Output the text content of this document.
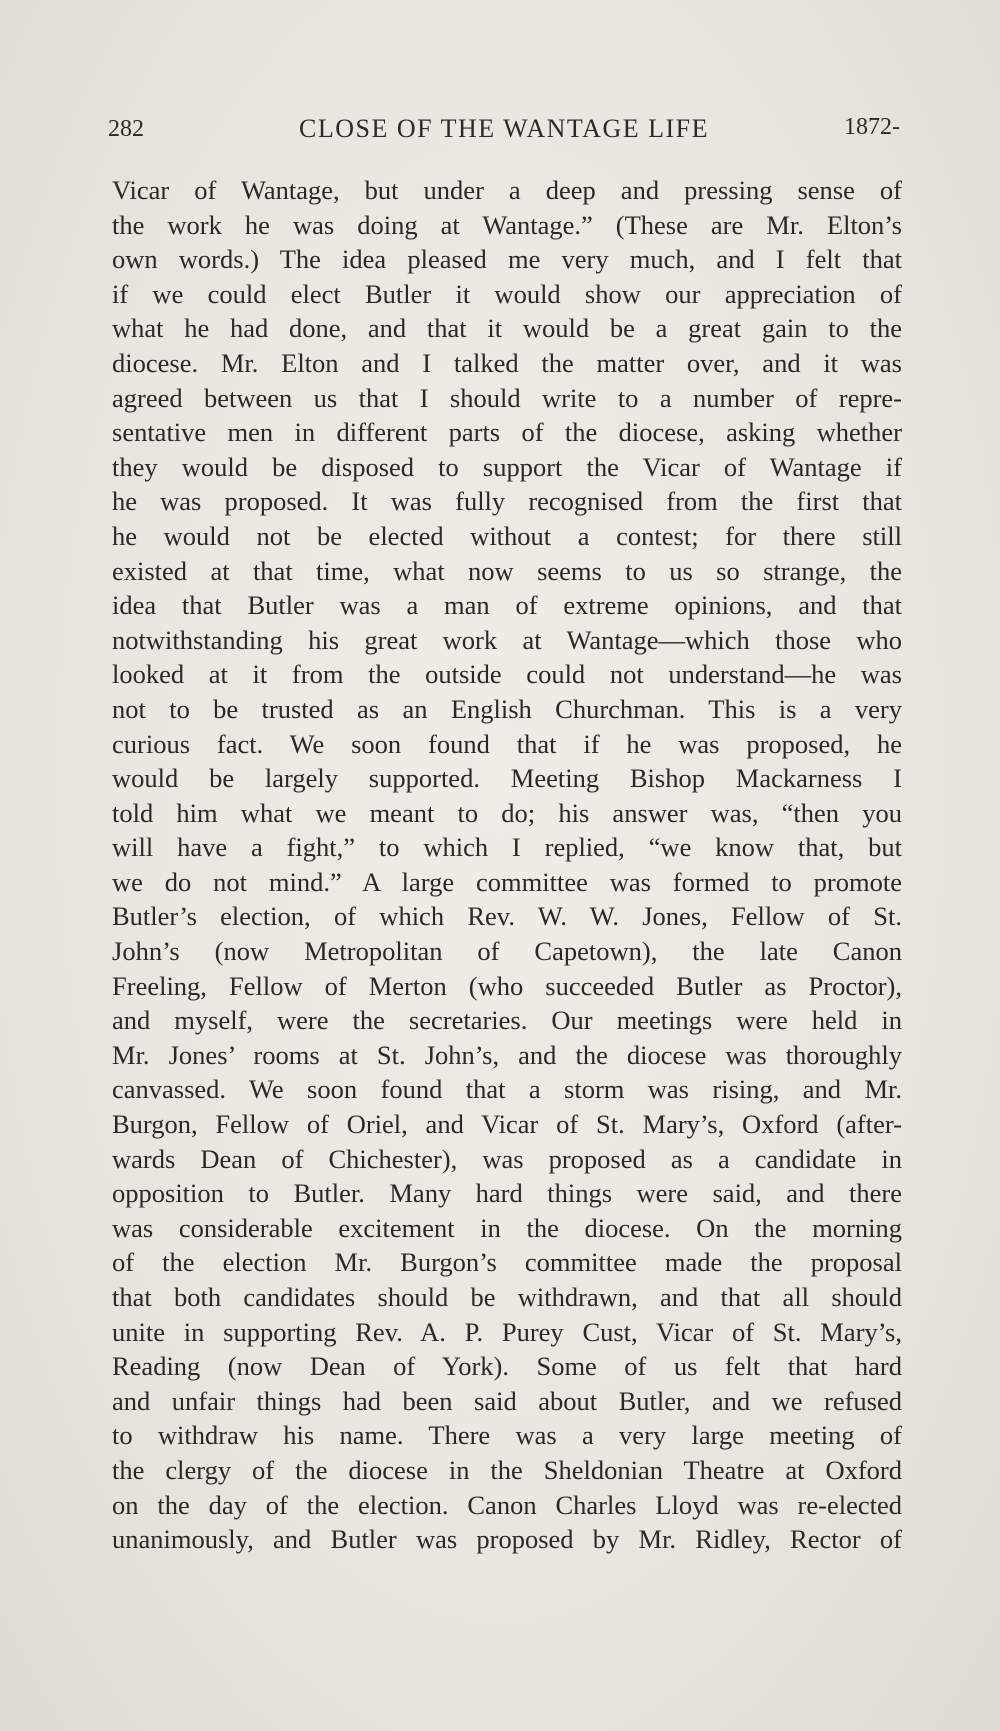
282	CLOSE OF THE WANTAGE LIFE	1872-
Vicar of Wantage, but under a deep and pressing sense of
the work he was doing at Wantage.” (These are Mr. Elton’s
own words.) The idea pleased me very much, and I felt that
if we could elect Butler it would show our appreciation of
what he had done, and that it would be a great gain to the
diocese. Mr. Elton and I talked the matter over, and it was
agreed between us that I should write to a number of repre-
sentative men in different parts of the diocese, asking whether
they would be disposed to support the Vicar of Wantage if
he was proposed. It was fully recognised from the first that
he would not be elected without a contest; for there still
existed at that time, what now seems to us so strange, the
idea that Butler was a man of extreme opinions, and that
notwithstanding his great work at Wantage—which those who
looked at it from the outside could not understand—he was
not to be trusted as an English Churchman. This is a very
curious fact. We soon found that if he was proposed, he
would be largely supported. Meeting Bishop Mackarness I
told him what we meant to do; his answer was, “then you
will have a fight,” to which I replied, “we know that, but
we do not mind.” A large committee was formed to promote
Butler’s election, of which Rev. W. W. Jones, Fellow of St.
John’s (now Metropolitan of Capetown), the late Canon
Freeling, Fellow of Merton (who succeeded Butler as Proctor),
and myself, were the secretaries. Our meetings were held in
Mr. Jones’ rooms at St. John’s, and the diocese was thoroughly
canvassed. We soon found that a storm was rising, and Mr.
Burgon, Fellow of Oriel, and Vicar of St. Mary’s, Oxford (after-
wards Dean of Chichester), was proposed as a candidate in
opposition to Butler. Many hard things were said, and there
was considerable excitement in the diocese. On the morning
of the election Mr. Burgon’s committee made the proposal
that both candidates should be withdrawn, and that all should
unite in supporting Rev. A. P. Purey Cust, Vicar of St. Mary’s,
Reading (now Dean of York). Some of us felt that hard
and unfair things had been said about Butler, and we refused
to withdraw his name. There was a very large meeting of
the clergy of the diocese in the Sheldonian Theatre at Oxford
on the day of the election. Canon Charles Lloyd was re-elected
unanimously, and Butler was proposed by Mr. Ridley, Rector of
